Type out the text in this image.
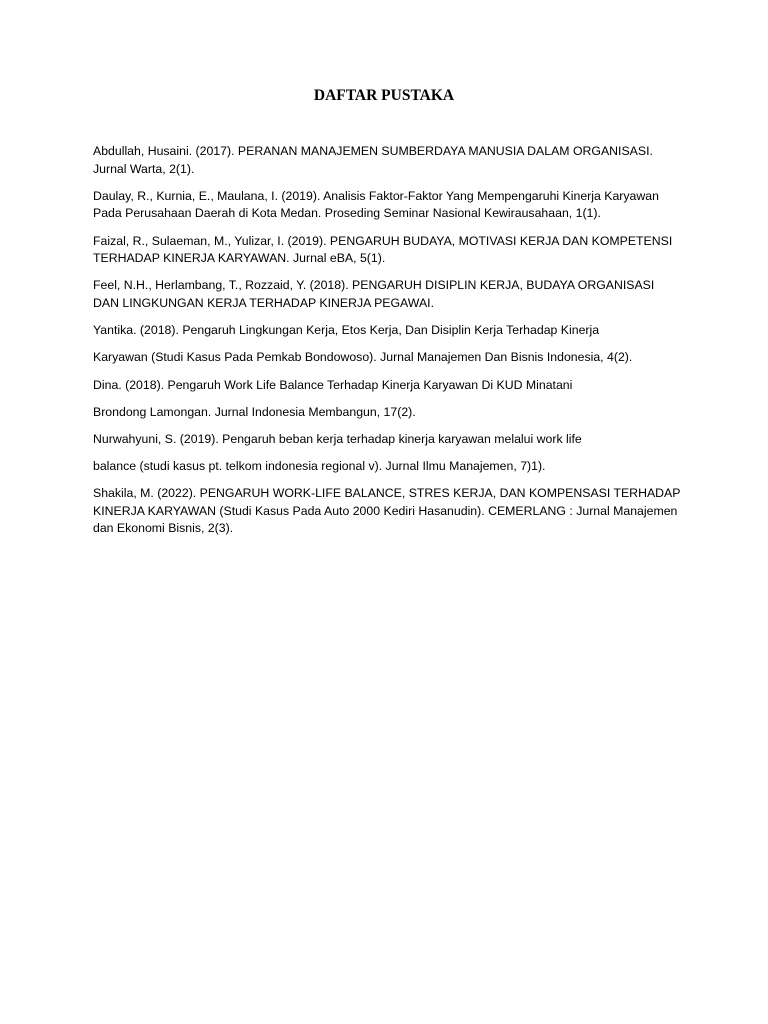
DAFTAR PUSTAKA

Abdullah, Husaini. (2017). PERANAN MANAJEMEN SUMBERDAYA MANUSIA DALAM ORGANISASI. Jurnal Warta, 2(1).

Daulay, R., Kurnia, E., Maulana, I. (2019). Analisis Faktor-Faktor Yang Mempengaruhi Kinerja Karyawan Pada Perusahaan Daerah di Kota Medan. Proseding Seminar Nasional Kewirausahaan, 1(1).

Faizal, R., Sulaeman, M., Yulizar, I. (2019). PENGARUH BUDAYA, MOTIVASI KERJA DAN KOMPETENSI TERHADAP KINERJA KARYAWAN. Jurnal eBA, 5(1).

Feel, N.H., Herlambang, T., Rozzaid, Y. (2018). PENGARUH DISIPLIN KERJA, BUDAYA ORGANISASI DAN LINGKUNGAN KERJA TERHADAP KINERJA PEGAWAI.

Yantika. (2018). Pengaruh Lingkungan Kerja, Etos Kerja, Dan Disiplin Kerja Terhadap Kinerja

Karyawan (Studi Kasus Pada Pemkab Bondowoso). Jurnal Manajemen Dan Bisnis Indonesia, 4(2).

Dina. (2018). Pengaruh Work Life Balance Terhadap Kinerja Karyawan Di KUD Minatani

Brondong Lamongan. Jurnal Indonesia Membangun, 17(2).

Nurwahyuni, S. (2019). Pengaruh beban kerja terhadap kinerja karyawan melalui work life

balance (studi kasus pt. telkom indonesia regional v). Jurnal Ilmu Manajemen, 7)1).

Shakila, M. (2022). PENGARUH WORK-LIFE BALANCE, STRES KERJA, DAN KOMPENSASI TERHADAP KINERJA KARYAWAN (Studi Kasus Pada Auto 2000 Kediri Hasanudin). CEMERLANG : Jurnal Manajemen dan Ekonomi Bisnis, 2(3).
